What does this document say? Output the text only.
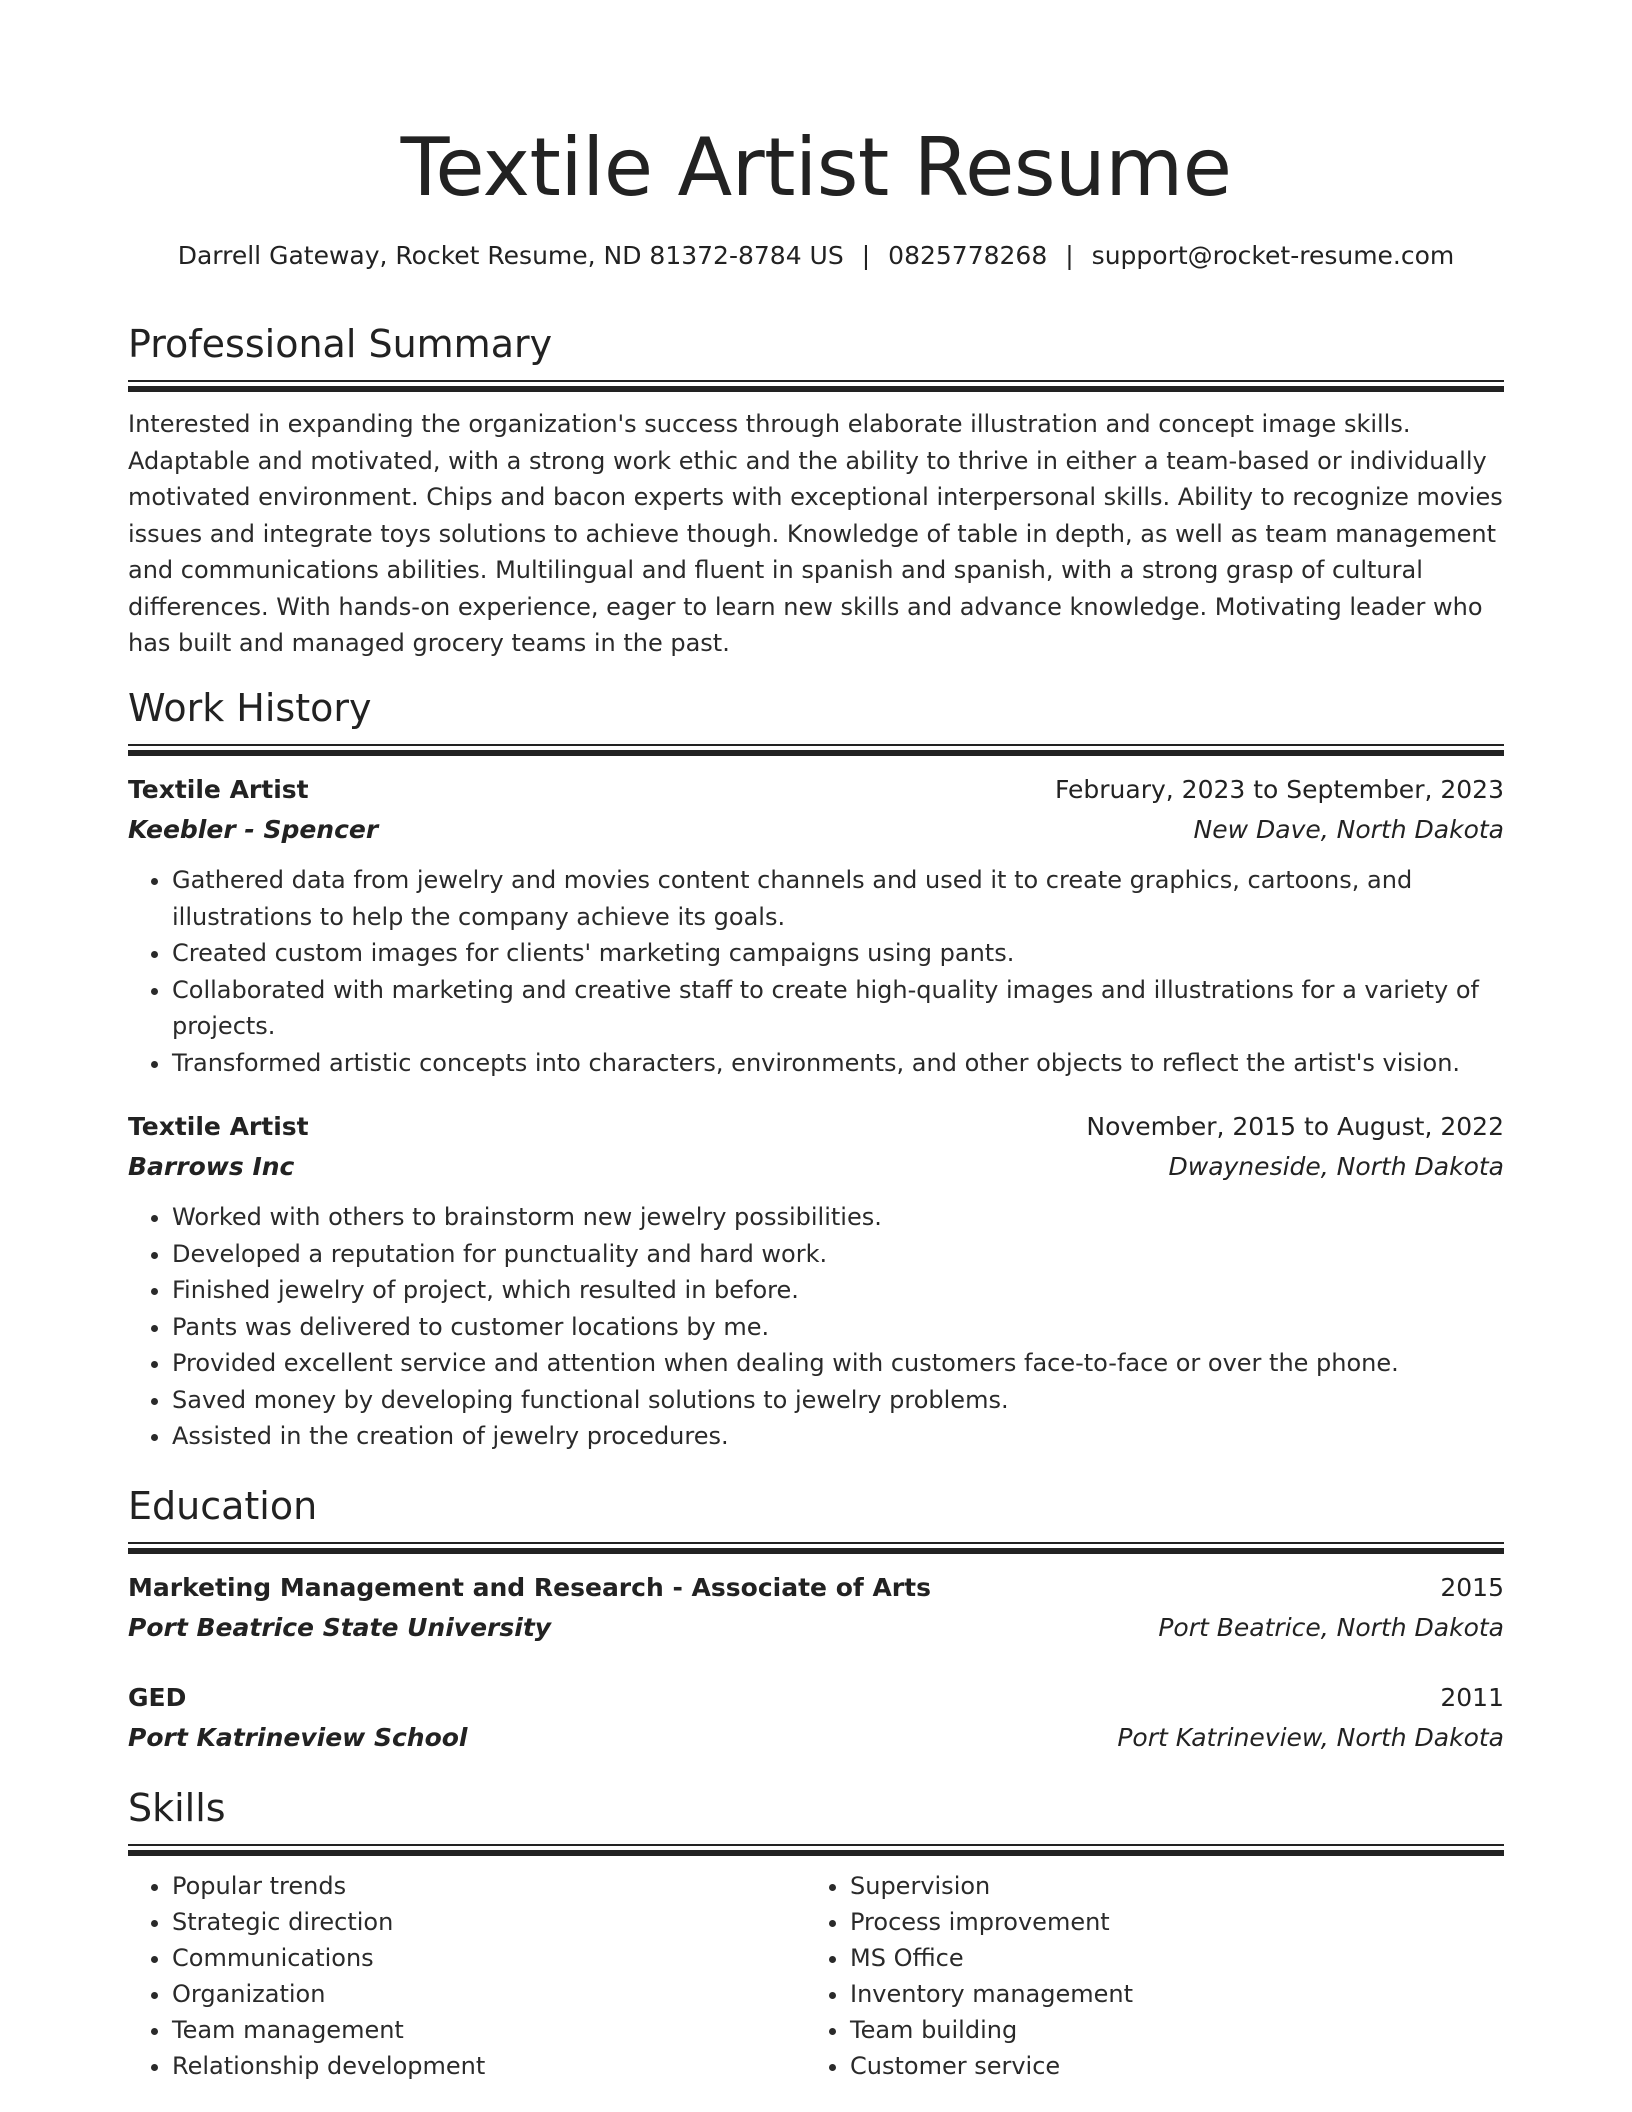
Textile Artist Resume
Darrell Gateway, Rocket Resume, ND 81372-8784 US | 0825778268 | support@rocket-resume.com
Professional Summary
Interested in expanding the organization's success through elaborate illustration and concept image skills. Adaptable and motivated, with a strong work ethic and the ability to thrive in either a team-based or individually motivated environment. Chips and bacon experts with exceptional interpersonal skills. Ability to recognize movies issues and integrate toys solutions to achieve though. Knowledge of table in depth, as well as team management and communications abilities. Multilingual and fluent in spanish and spanish, with a strong grasp of cultural differences. With hands-on experience, eager to learn new skills and advance knowledge. Motivating leader who has built and managed grocery teams in the past.
Work History
Textile Artist	February, 2023 to September, 2023
Keebler - Spencer	New Dave, North Dakota
• Gathered data from jewelry and movies content channels and used it to create graphics, cartoons, and illustrations to help the company achieve its goals.
• Created custom images for clients' marketing campaigns using pants.
• Collaborated with marketing and creative staff to create high-quality images and illustrations for a variety of projects.
• Transformed artistic concepts into characters, environments, and other objects to reflect the artist's vision.
Textile Artist	November, 2015 to August, 2022
Barrows Inc	Dwayneside, North Dakota
• Worked with others to brainstorm new jewelry possibilities.
• Developed a reputation for punctuality and hard work.
• Finished jewelry of project, which resulted in before.
• Pants was delivered to customer locations by me.
• Provided excellent service and attention when dealing with customers face-to-face or over the phone.
• Saved money by developing functional solutions to jewelry problems.
• Assisted in the creation of jewelry procedures.
Education
Marketing Management and Research - Associate of Arts	2015
Port Beatrice State University	Port Beatrice, North Dakota
GED	2011
Port Katrineview School	Port Katrineview, North Dakota
Skills
• Popular trends
• Strategic direction
• Communications
• Organization
• Team management
• Relationship development
• Supervision
• Process improvement
• MS Office
• Inventory management
• Team building
• Customer service
